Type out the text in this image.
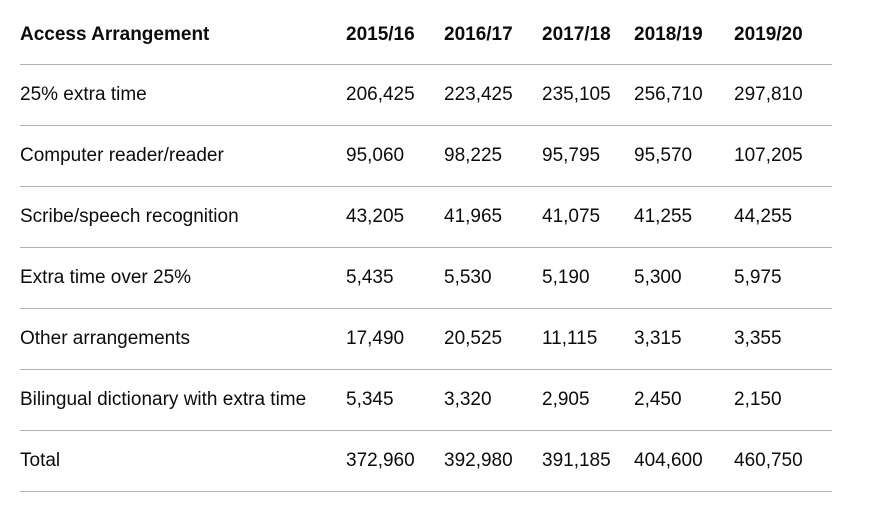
Access Arrangement	2015/16	2016/17	2017/18	2018/19	2019/20
25% extra time	206,425	223,425	235,105	256,710	297,810
Computer reader/reader	95,060	98,225	95,795	95,570	107,205
Scribe/speech recognition	43,205	41,965	41,075	41,255	44,255
Extra time over 25%	5,435	5,530	5,190	5,300	5,975
Other arrangements	17,490	20,525	11,115	3,315	3,355
Bilingual dictionary with extra time	5,345	3,320	2,905	2,450	2,150
Total	372,960	392,980	391,185	404,600	460,750
